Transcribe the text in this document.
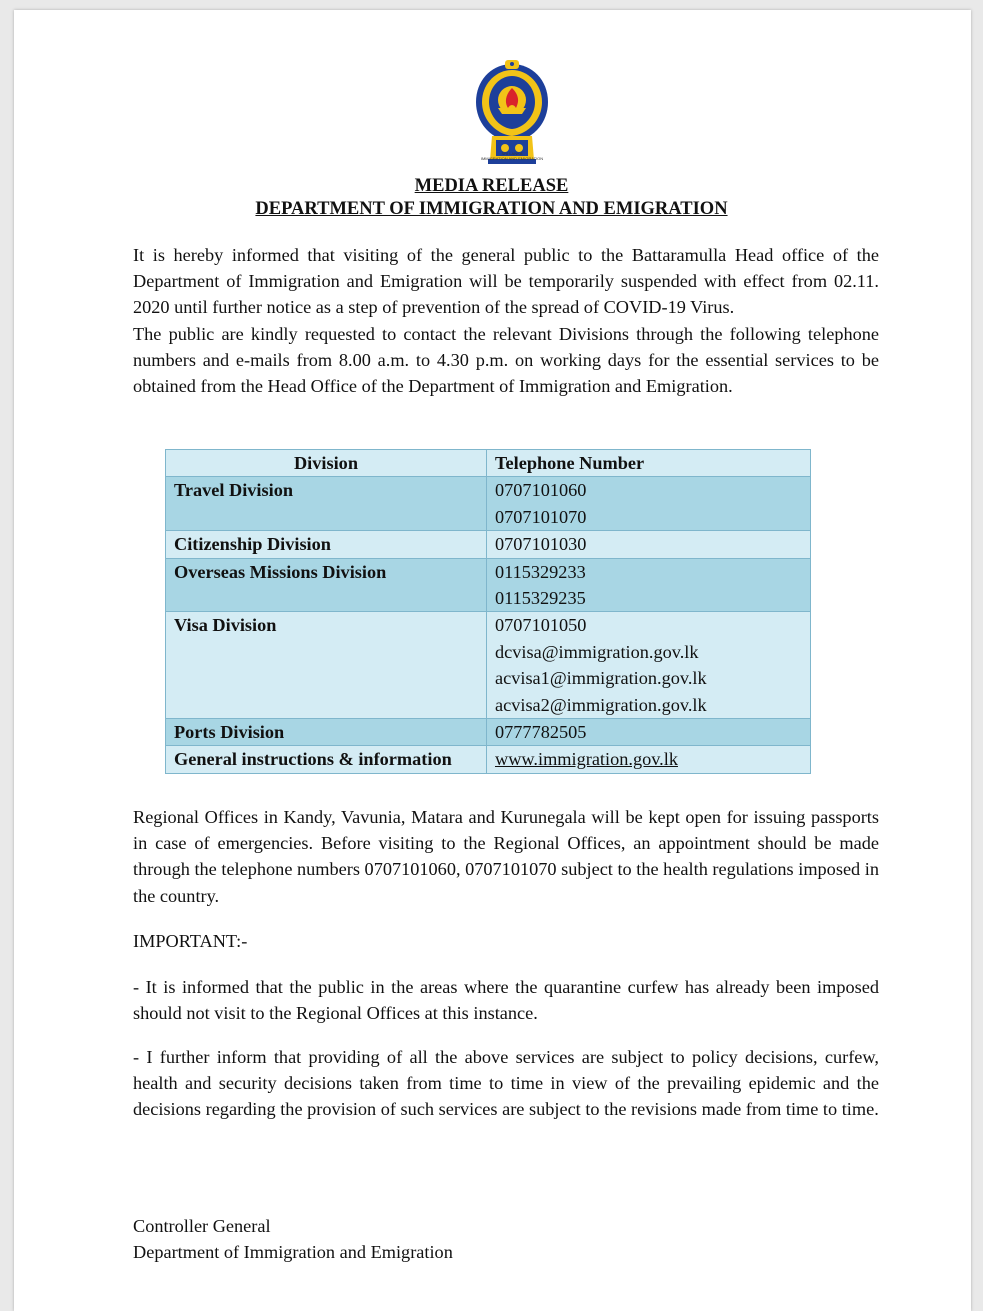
SRI LANKA
IMMIGRATION AND EMIGRATION
MEDIA RELEASE
DEPARTMENT OF IMMIGRATION AND EMIGRATION
It is hereby informed that visiting of the general public to the Battaramulla Head office of the Department of Immigration and Emigration will be temporarily suspended with effect from 02.11. 2020 until further notice as a step of prevention of the spread of COVID-19 Virus.
The public are kindly requested to contact the relevant Divisions through the following telephone numbers and e-mails from 8.00 a.m. to 4.30 p.m. on working days for the essential services to be obtained from the Head Office of the Department of Immigration and Emigration.
Division	Telephone Number
Travel Division	0707101060
0707101070

Citizenship Division	0707101030

Overseas Missions Division	0115329233
0115329235

Visa Division	0707101050
dcvisa@immigration.gov.lk
acvisa1@immigration.gov.lk
acvisa2@immigration.gov.lk

Ports Division	0777782505

General instructions & information	www.immigration.gov.lk
Regional Offices in Kandy, Vavunia, Matara and Kurunegala will be kept open for issuing passports in case of emergencies. Before visiting to the Regional Offices, an appointment should be made through the telephone numbers 0707101060, 0707101070 subject to the health regulations imposed in the country.
IMPORTANT:-
- It is informed that the public in the areas where the quarantine curfew has already been imposed should not visit to the Regional Offices at this instance.
- I further inform that providing of all the above services are subject to policy decisions, curfew, health and security decisions taken from time to time in view of the prevailing epidemic and the decisions regarding the provision of such services are subject to the revisions made from time to time.
Controller General
Department of Immigration and Emigration
